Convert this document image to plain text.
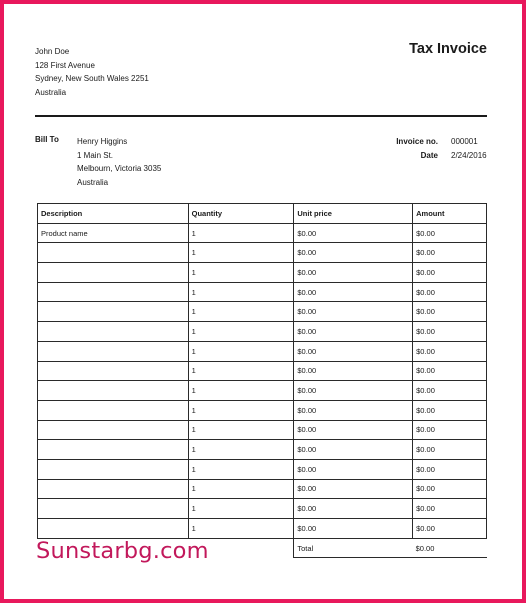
John Doe
128 First Avenue
Sydney, New South Wales 2251
Australia
Tax Invoice
Bill To Henry Higgins
1 Main St.
Melbourn, Victoria 3035
Australia
Invoice no. 000001
Date 2/24/2016
Description	Quantity	Unit price	Amount
Product name	1	$0.00	$0.00
	1	$0.00	$0.00
	1	$0.00	$0.00
	1	$0.00	$0.00
	1	$0.00	$0.00
	1	$0.00	$0.00
	1	$0.00	$0.00
	1	$0.00	$0.00
	1	$0.00	$0.00
	1	$0.00	$0.00
	1	$0.00	$0.00
	1	$0.00	$0.00
	1	$0.00	$0.00
	1	$0.00	$0.00
	1	$0.00	$0.00
	1	$0.00	$0.00
		Total	$0.00
Sunstarbg.com
